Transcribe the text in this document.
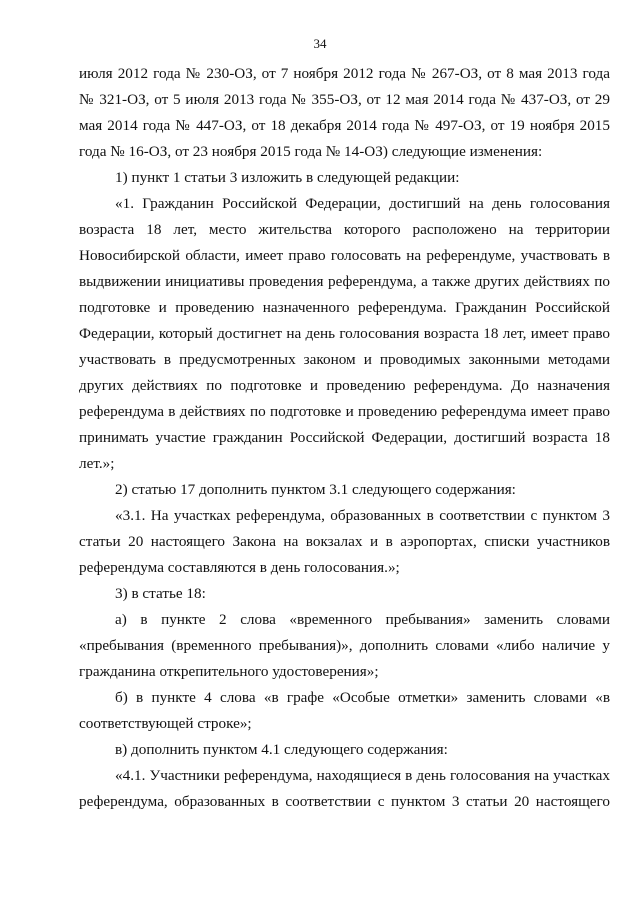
34
июля 2012 года № 230-ОЗ, от 7 ноября 2012 года № 267-ОЗ, от 8 мая 2013 года
№ 321-ОЗ, от 5 июля 2013 года № 355-ОЗ, от 12 мая 2014 года № 437-ОЗ, от 29
мая 2014 года № 447-ОЗ, от 18 декабря 2014 года № 497-ОЗ, от 19 ноября 2015
года № 16-ОЗ, от 23 ноября 2015 года № 14-ОЗ) следующие изменения:
1) пункт 1 статьи 3 изложить в следующей редакции:
«1. Гражданин Российской Федерации, достигший на день голосования
возраста 18 лет, место жительства которого расположено на территории
Новосибирской области, имеет право голосовать на референдуме, участвовать в
выдвижении инициативы проведения референдума, а также других действиях по
подготовке и проведению назначенного референдума. Гражданин Российской
Федерации, который достигнет на день голосования возраста 18 лет, имеет право
участвовать в предусмотренных законом и проводимых законными методами
других действиях по подготовке и проведению референдума. До назначения
референдума в действиях по подготовке и проведению референдума имеет право
принимать участие гражданин Российской Федерации, достигший возраста 18
лет.»;
2) статью 17 дополнить пунктом 3.1 следующего содержания:
«3.1. На участках референдума, образованных в соответствии с пунктом 3
статьи 20 настоящего Закона на вокзалах и в аэропортах, списки участников
референдума составляются в день голосования.»;
3) в статье 18:
а) в пункте 2 слова «временного пребывания» заменить словами
«пребывания (временного пребывания)», дополнить словами «либо наличие у
гражданина открепительного удостоверения»;
б) в пункте 4 слова «в графе «Особые отметки» заменить словами «в
соответствующей строке»;
в) дополнить пунктом 4.1 следующего содержания:
«4.1. Участники референдума, находящиеся в день голосования на участках
референдума, образованных в соответствии с пунктом 3 статьи 20 настоящего
